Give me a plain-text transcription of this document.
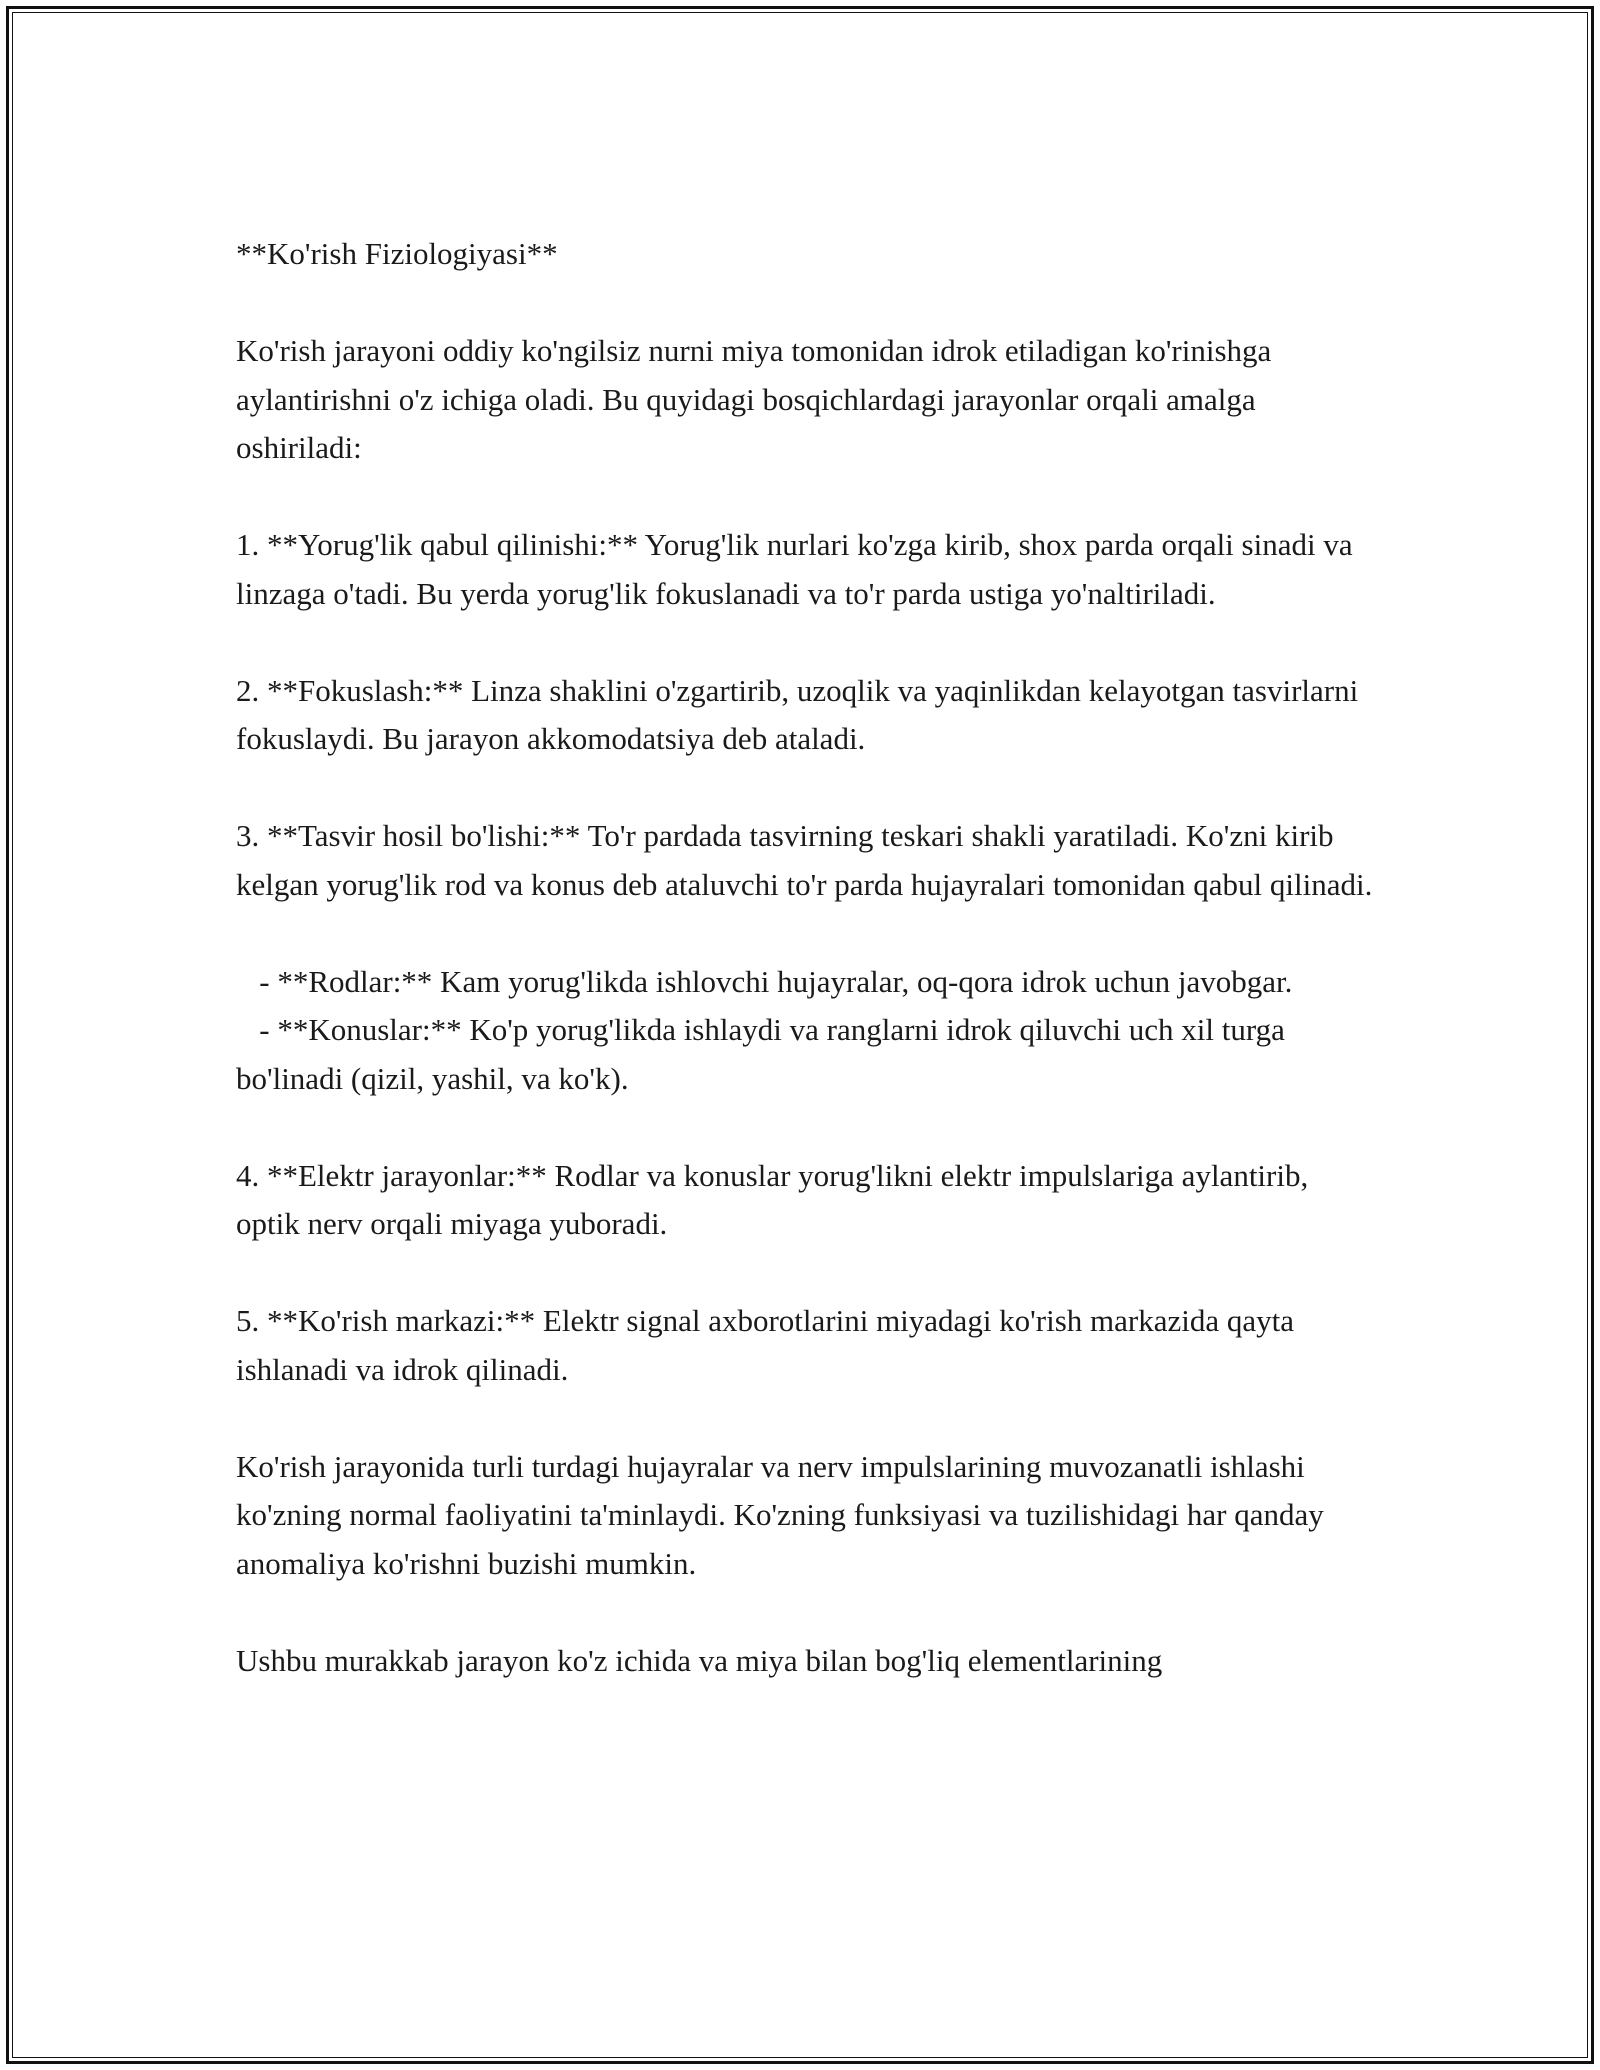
**Ko'rish Fiziologiyasi**

Ko'rish jarayoni oddiy ko'ngilsiz nurni miya tomonidan idrok etiladigan ko'rinishga aylantirishni o'z ichiga oladi. Bu quyidagi bosqichlardagi jarayonlar orqali amalga oshiriladi:

1. **Yorug'lik qabul qilinishi:** Yorug'lik nurlari ko'zga kirib, shox parda orqali sinadi va linzaga o'tadi. Bu yerda yorug'lik fokuslanadi va to'r parda ustiga yo'naltiriladi.

2. **Fokuslash:** Linza shaklini o'zgartirib, uzoqlik va yaqinlikdan kelayotgan tasvirlarni fokuslaydi. Bu jarayon akkomodatsiya deb ataladi.

3. **Tasvir hosil bo'lishi:** To'r pardada tasvirning teskari shakli yaratiladi. Ko'zni kirib kelgan yorug'lik rod va konus deb ataluvchi to'r parda hujayralari tomonidan qabul qilinadi.

- **Rodlar:** Kam yorug'likda ishlovchi hujayralar, oq-qora idrok uchun javobgar.

- **Konuslar:** Ko'p yorug'likda ishlaydi va ranglarni idrok qiluvchi uch xil turga bo'linadi (qizil, yashil, va ko'k).

4. **Elektr jarayonlar:** Rodlar va konuslar yorug'likni elektr impulslariga aylantirib, optik nerv orqali miyaga yuboradi.

5. **Ko'rish markazi:** Elektr signal axborotlarini miyadagi ko'rish markazida qayta ishlanadi va idrok qilinadi.

Ko'rish jarayonida turli turdagi hujayralar va nerv impulslarining muvozanatli ishlashi ko'zning normal faoliyatini ta'minlaydi. Ko'zning funksiyasi va tuzilishidagi har qanday anomaliya ko'rishni buzishi mumkin.

Ushbu murakkab jarayon ko'z ichida va miya bilan bog'liq elementlarining
